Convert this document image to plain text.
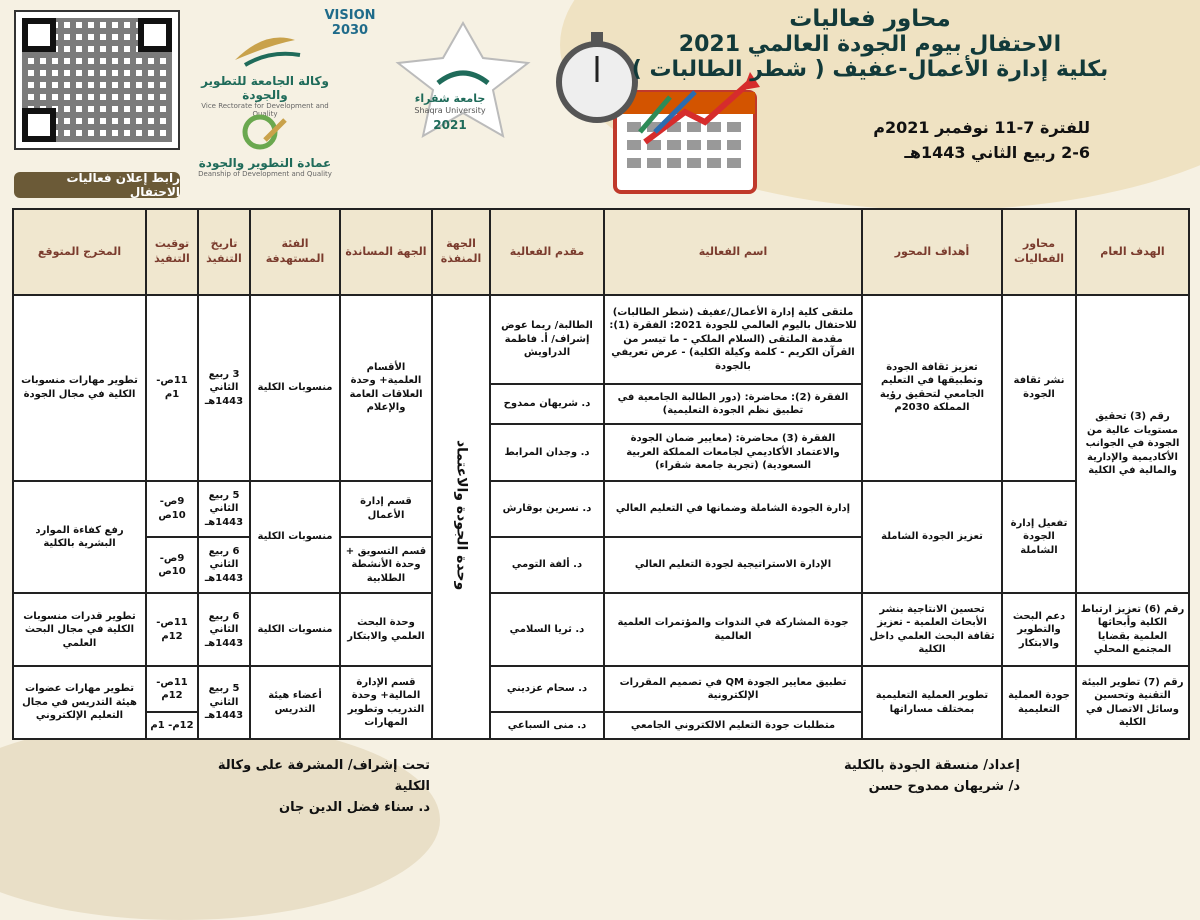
رابط إعلان فعاليات الاحتفال
وكالة الجامعة للتطوير والجودة
Vice Rectorate for Development and Quality
VISION 2030
عمادة التطوير والجودة
Deanship of Development and Quality
جامعة شقراء
Shaqra University
2021
محاور فعاليات
الاحتفال بيوم الجودة العالمي 2021
بكلية إدارة الأعمال-عفيف ( شطر الطالبات )
للفترة 7-11 نوفمبر 2021م
2-6 ربيع الثاني 1443هـ
الهدف العام	محاور الفعاليات	أهداف المحور	اسم الفعالية	مقدم الفعالية	الجهة المنفذة	الجهة المساندة	الفئة المستهدفة	تاريخ التنفيذ	توقيت التنفيذ	المخرج المتوقع
رقم (3) تحقيق مستويات عالية من الجودة في الجوانب الأكاديمية والإدارية والمالية في الكلية	نشر ثقافة الجودة	تعزيز ثقافة الجودة وتطبيقها في التعليم الجامعي لتحقيق رؤية المملكة 2030م	ملتقى كلية إدارة الأعمال/عفيف (شطر الطالبات) للاحتفال باليوم العالمي للجودة 2021: الفقرة (1): مقدمة الملتقى (السلام الملكي - ما تيسر من القرآن الكريم - كلمة وكيلة الكلية) - عرض تعريفي بالجودة	الطالبة/ ريما عوض إشراف/ أ. فاطمة الدراويش	وحدة الجودة والاعتماد	الأقسام العلمية+ وحدة العلاقات العامة والإعلام	منسوبات الكلية	3 ربيع الثاني 1443هـ	11ص- 1م	تطوير مهارات منسوبات الكلية في مجال الجودة
			الفقرة (2): محاضرة: (دور الطالبة الجامعية في تطبيق نظم الجودة التعليمية)	د. شريهان ممدوح						
			الفقرة (3) محاضرة: (معايير ضمان الجودة والاعتماد الأكاديمي لجامعات المملكة العربية السعودية) (تجربة جامعة شقراء)	د. وجدان المرابط						
	تفعيل إدارة الجودة الشاملة	تعزيز الجودة الشاملة	إدارة الجودة الشاملة وضمانها في التعليم العالي	د. نسرين بوقارش		قسم إدارة الأعمال	منسوبات الكلية	5 ربيع الثاني 1443هـ	9ص- 10ص	رفع كفاءة الموارد البشرية بالكلية
			الإدارة الاستراتيجية لجودة التعليم العالي	د. ألفة التومي		قسم التسويق + وحدة الأنشطة الطلابية		6 ربيع الثاني 1443هـ	9ص- 10ص	
رقم (6) تعزيز ارتباط الكلية وأبحاثها العلمية بقضايا المجتمع المحلي	دعم البحث والتطوير والابتكار	تحسين الانتاجية بنشر الأبحاث العلمية - تعزيز ثقافة البحث العلمي داخل الكلية	جودة المشاركة في الندوات والمؤتمرات العلمية العالمية	د. ثريا السلامي		وحدة البحث العلمي والابتكار	منسوبات الكلية	6 ربيع الثاني 1443هـ	11ص- 12م	تطوير قدرات منسوبات الكلية في مجال البحث العلمي
رقم (7) تطوير البيئة التقنية وتحسين وسائل الاتصال في الكلية	جودة العملية التعليمية	تطوير العملية التعليمية بمختلف مساراتها	تطبيق معايير الجودة QM في تصميم المقررات الإلكترونية	د. سحام عزديني		قسم الإدارة المالية+ وحدة التدريب وتطوير المهارات	أعضاء هيئة التدريس	5 ربيع الثاني 1443هـ	11ص- 12م	تطوير مهارات عضوات هيئة التدريس في مجال التعليم الإلكتروني
			متطلبات جودة التعليم الالكتروني الجامعي	د. منى السباعي					12م- 1م	
إعداد/ منسقة الجودة بالكلية
د/ شريهان ممدوح حسن
تحت إشراف/ المشرفة على وكالة الكلية
د. سناء فضل الدين جان
